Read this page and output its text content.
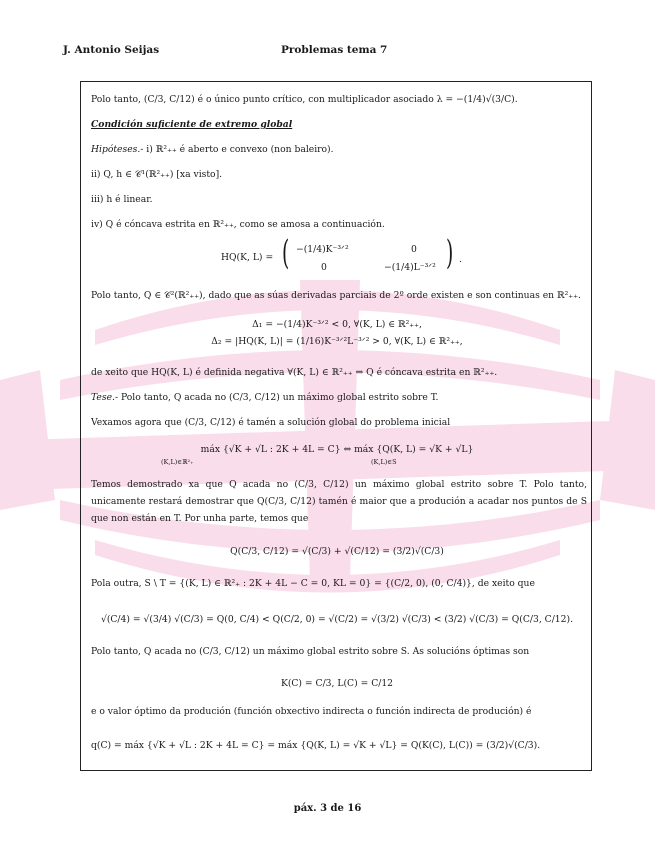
J. Antonio Seijas	Problemas tema 7
Polo tanto, (C/3, C/12) é o único punto crítico, con multiplicador asociado λ = −(1/4)√(3/C).
Condición suficiente de extremo global
Hipóteses.- i) ℝ²₊₊ é aberto e convexo (non baleiro).
ii) Q, h ∈ 𝒞¹(ℝ²₊₊) [xa visto].
iii) h é linear.
iv) Q é cóncava estrita en ℝ²₊₊, como se amosa a continuación.
HQ(K, L) = ( −(1/4)K⁻³ᐟ²	0
0	−(1/4)L⁻³ᐟ² ) .
Polo tanto, Q ∈ 𝒞²(ℝ²₊₊), dado que as súas derivadas parciais de 2º orde existen e son continuas en ℝ²₊₊.
Δ₁ = −(1/4)K⁻³ᐟ² < 0, ∀(K, L) ∈ ℝ²₊₊,
Δ₂ = |HQ(K, L)| = (1/16)K⁻³ᐟ²L⁻³ᐟ² > 0, ∀(K, L) ∈ ℝ²₊₊,
de xeito que HQ(K, L) é definida negativa ∀(K, L) ∈ ℝ²₊₊ ⇒ Q é cóncava estrita en ℝ²₊₊.
Tese.- Polo tanto, Q acada no (C/3, C/12) un máximo global estrito sobre T.
Vexamos agora que (C/3, C/12) é tamén a solución global do problema inicial
máx {√K + √L : 2K + 4L = C} ⇔ máx {Q(K, L) = √K + √L}
(K,L)∈ℝ²₊	(K,L)∈S
Temos demostrado xa que Q acada no (C/3, C/12) un máximo global estrito sobre T. Polo tanto, unicamente restará demostrar que Q(C/3, C/12) tamén é maior que a produción a acadar nos puntos de S que non están en T. Por unha parte, temos que
Q(C/3, C/12) = √(C/3) + √(C/12) = (3/2)√(C/3)
Pola outra, S \ T = {(K, L) ∈ ℝ²₊ : 2K + 4L − C = 0, KL = 0} = {(C/2, 0), (0, C/4)}, de xeito que
√(C/4) = √(3/4) √(C/3) = Q(0, C/4) < Q(C/2, 0) = √(C/2) = √(3/2) √(C/3) < (3/2) √(C/3) = Q(C/3, C/12).
Polo tanto, Q acada no (C/3, C/12) un máximo global estrito sobre S. As solucións óptimas son
K(C) = C/3, L(C) = C/12
e o valor óptimo da produción (función obxectivo indirecta o función indirecta de produción) é
q(C) = máx {√K + √L : 2K + 4L = C} = máx {Q(K, L) = √K + √L} = Q(K(C), L(C)) = (3/2)√(C/3).
páx. 3 de 16
